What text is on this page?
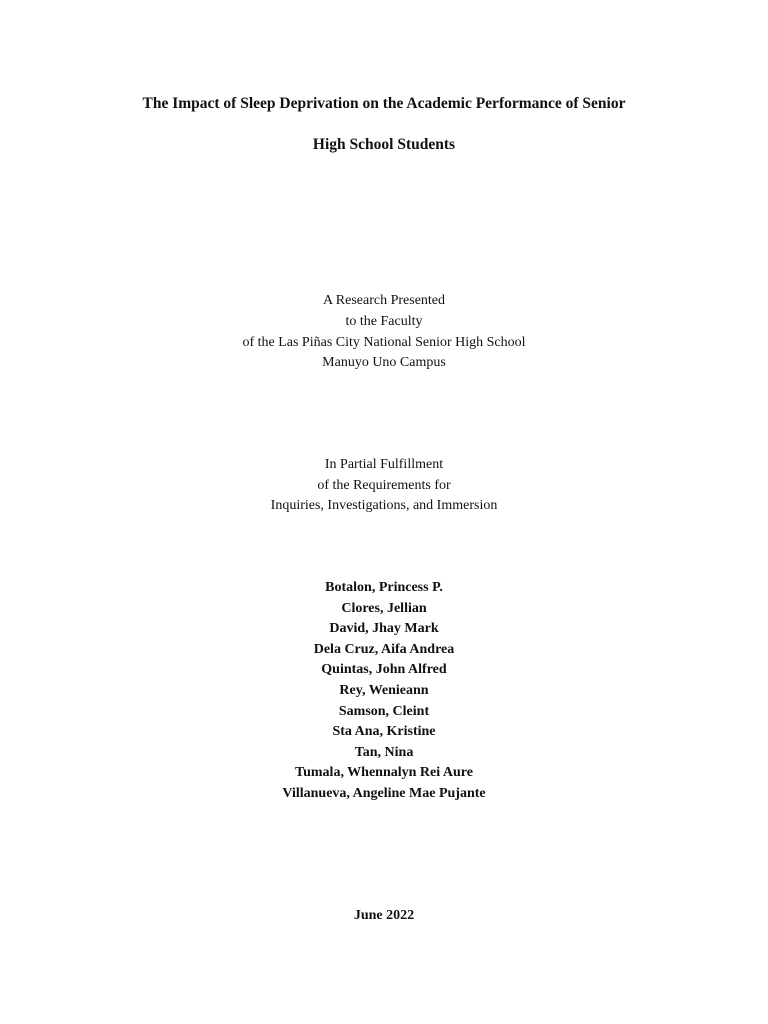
The Impact of Sleep Deprivation on the Academic Performance of Senior
High School Students
A Research Presented
to the Faculty
of the Las Piñas City National Senior High School
Manuyo Uno Campus
In Partial Fulfillment
of the Requirements for
Inquiries, Investigations, and Immersion
Botalon, Princess P.
Clores, Jellian
David, Jhay Mark
Dela Cruz, Aifa Andrea
Quintas, John Alfred
Rey, Wenieann
Samson, Cleint
Sta Ana, Kristine
Tan, Nina
Tumala, Whennalyn Rei Aure
Villanueva, Angeline Mae Pujante
June 2022
